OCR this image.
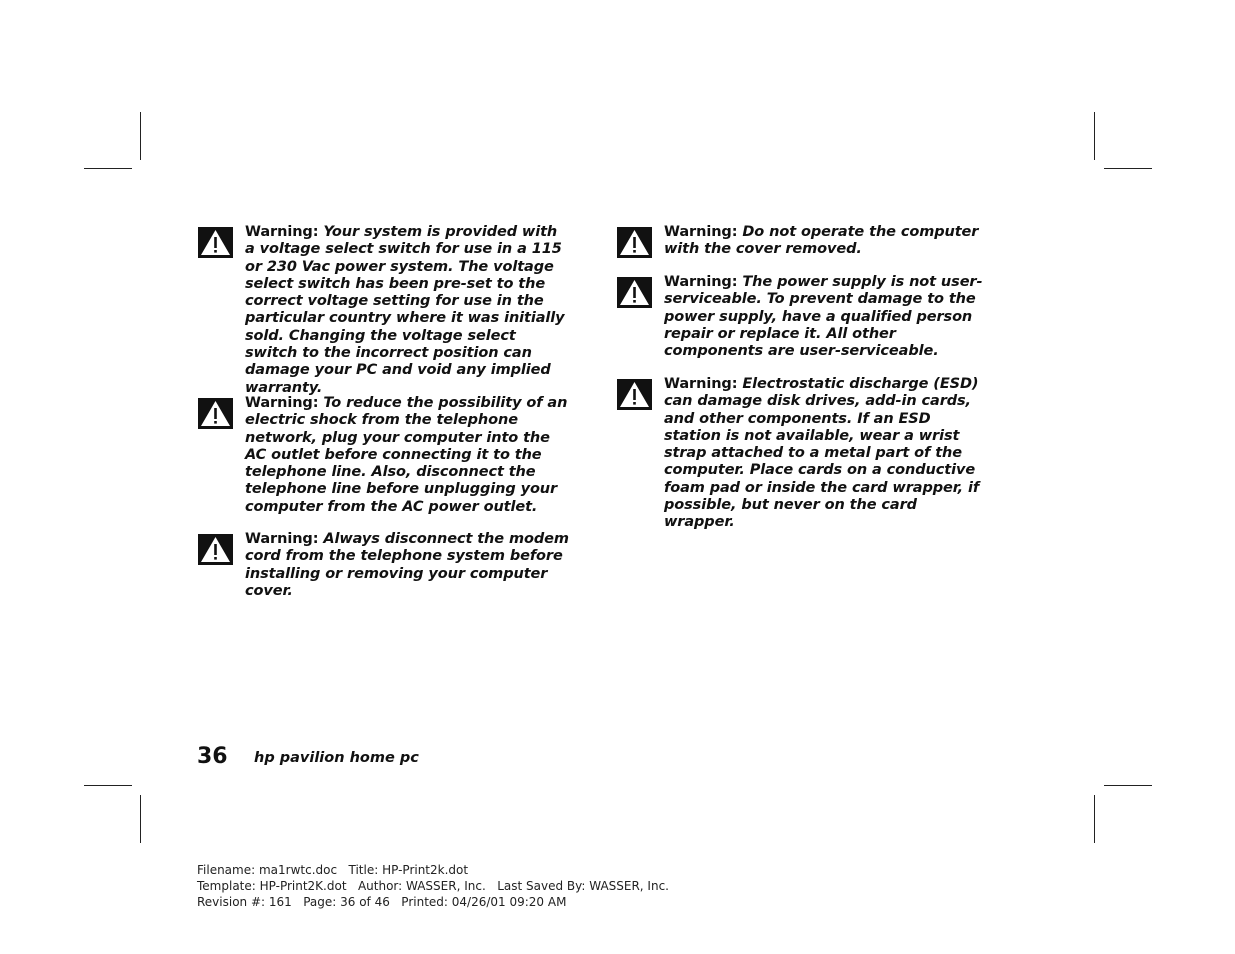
Warning: Your system is provided with a voltage select switch for use in a 115 or 230 Vac power system. The voltage select switch has been pre-set to the correct voltage setting for use in the particular country where it was initially sold. Changing the voltage select switch to the incorrect position can damage your PC and void any implied warranty.
Warning: To reduce the possibility of an electric shock from the telephone network, plug your computer into the AC outlet before connecting it to the telephone line. Also, disconnect the telephone line before unplugging your computer from the AC power outlet.
Warning: Always disconnect the modem cord from the telephone system before installing or removing your computer cover.
Warning: Do not operate the computer with the cover removed.
Warning: The power supply is not user-serviceable. To prevent damage to the power supply, have a qualified person repair or replace it. All other components are user-serviceable.
Warning: Electrostatic discharge (ESD) can damage disk drives, add-in cards, and other components. If an ESD station is not available, wear a wrist strap attached to a metal part of the computer. Place cards on a conductive foam pad or inside the card wrapper, if possible, but never on the card wrapper.
36 hp pavilion home pc
Filename: ma1rwtc.doc   Title: HP-Print2k.dot
Template: HP-Print2K.dot   Author: WASSER, Inc.   Last Saved By: WASSER, Inc.
Revision #: 161   Page: 36 of 46   Printed: 04/26/01 09:20 AM
